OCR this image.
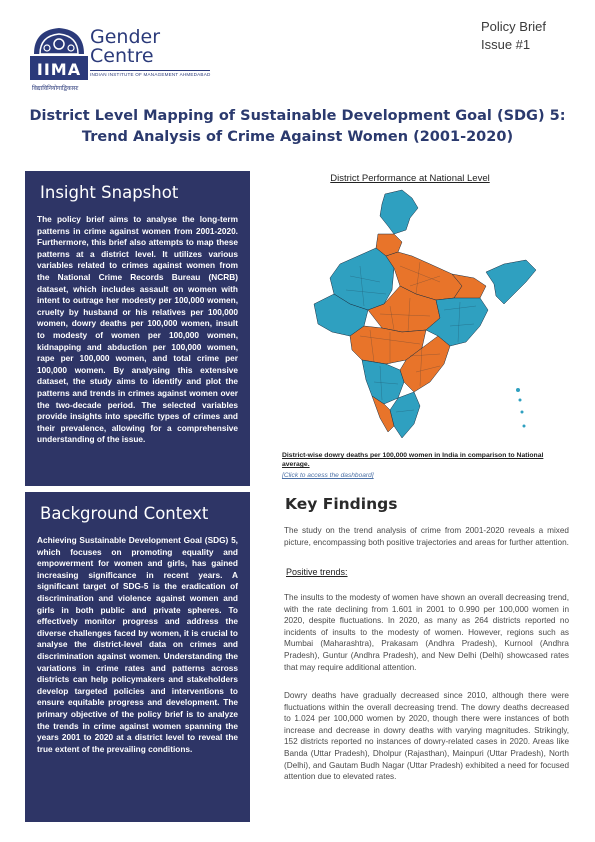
IIMA
Gender
Centre
INDIAN INSTITUTE OF MANAGEMENT AHMEDABAD
विद्याविनियोगाद्विकासः
Policy Brief
Issue #1
District Level Mapping of Sustainable Development Goal (SDG) 5:
Trend Analysis of Crime Against Women (2001-2020)
Insight Snapshot

The policy brief aims to analyse the long-term patterns in crime against women from 2001-2020. Furthermore, this brief also attempts to map these patterns at a district level. It utilizes various variables related to crimes against women from the National Crime Records Bureau (NCRB) dataset, which includes assault on women with intent to outrage her modesty per 100,000 women, cruelty by husband or his relatives per 100,000 women, dowry deaths per 100,000 women, insult to modesty of women per 100,000 women, kidnapping and abduction per 100,000 women, rape per 100,000 women, and total crime per 100,000 women. By analysing this extensive dataset, the study aims to identify and plot the patterns and trends in crimes against women over the two-decade period. The selected variables provide insights into specific types of crimes and their prevalence, allowing for a comprehensive understanding of the issue.

Background Context

Achieving Sustainable Development Goal (SDG) 5, which focuses on promoting equality and empowerment for women and girls, has gained increasing significance in recent years. A significant target of SDG-5 is the eradication of discrimination and violence against women and girls in both public and private spheres. To effectively monitor progress and address the diverse challenges faced by women, it is crucial to analyse the district-level data on crimes and discrimination against women. Understanding the variations in crime rates and patterns across districts can help policymakers and stakeholders develop targeted policies and interventions to ensure equitable progress and development. The primary objective of the policy brief is to analyze the trends in crime against women spanning the years 2001 to 2020 at a district level to reveal the true extent of the prevailing conditions.

District Performance at National Level
District-wise dowry deaths per 100,000 women in India in comparison to National average.
[Click to access the dashboard]
Key Findings

The study on the trend analysis of crime from 2001-2020 reveals a mixed picture, encompassing both positive trajectories and areas for further attention.

Positive trends:

The insults to the modesty of women have shown an overall decreasing trend, with the rate declining from 1.601 in 2001 to 0.990 per 100,000 women in 2020, despite fluctuations. In 2020, as many as 264 districts reported no incidents of insults to the modesty of women. However, regions such as Mumbai (Maharashtra), Prakasam (Andhra Pradesh), Kurnool (Andhra Pradesh), Guntur (Andhra Pradesh), and New Delhi (Delhi) showcased rates that may require additional attention.

Dowry deaths have gradually decreased since 2010, although there were fluctuations within the overall decreasing trend. The dowry deaths decreased to 1.024 per 100,000 women by 2020, though there were instances of both increase and decrease in dowry deaths with varying magnitudes. Strikingly, 152 districts reported no instances of dowry-related cases in 2020. Areas like Banda (Uttar Pradesh), Dholpur (Rajasthan), Mainpuri (Uttar Pradesh), North (Delhi), and Gautam Budh Nagar (Uttar Pradesh) exhibited a need for focused attention due to elevated rates.
